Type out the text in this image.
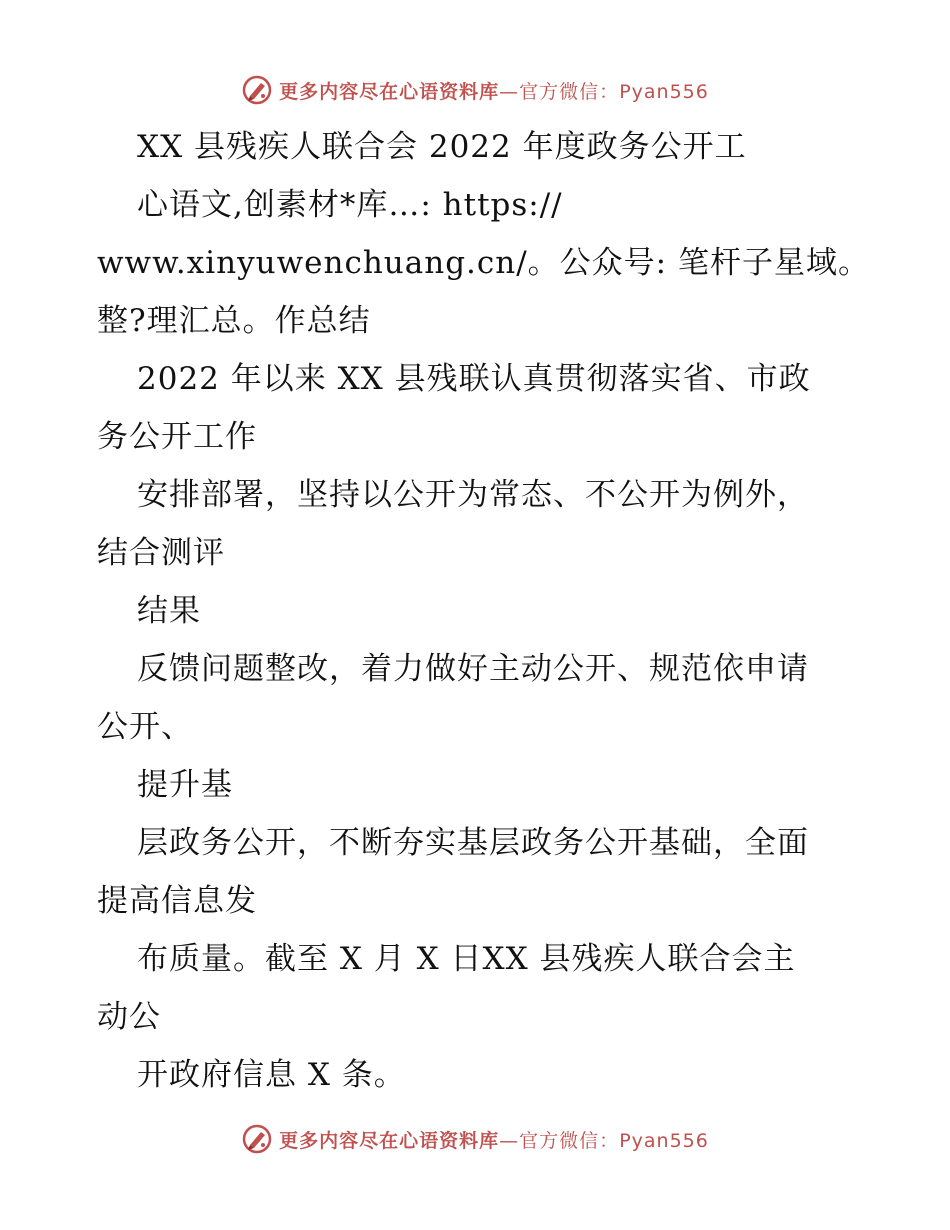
更多内容尽在心语资料库—官方微信：Pyan556
XX 县残疾人联合会 2022 年度政务公开工
心语文,创素材*库…: https://
www.xinyuwenchuang.cn/。公众号: 笔杆子星域。
整?理汇总。作总结
2022 年以来 XX 县残联认真贯彻落实省、市政
务公开工作
安排部署，坚持以公开为常态、不公开为例外，
结合测评
结果
反馈问题整改，着力做好主动公开、规范依申请
公开、
提升基
层政务公开，不断夯实基层政务公开基础，全面
提高信息发
布质量。截至 X 月 X 日XX 县残疾人联合会主
动公
开政府信息 X 条。
更多内容尽在心语资料库—官方微信：Pyan556
